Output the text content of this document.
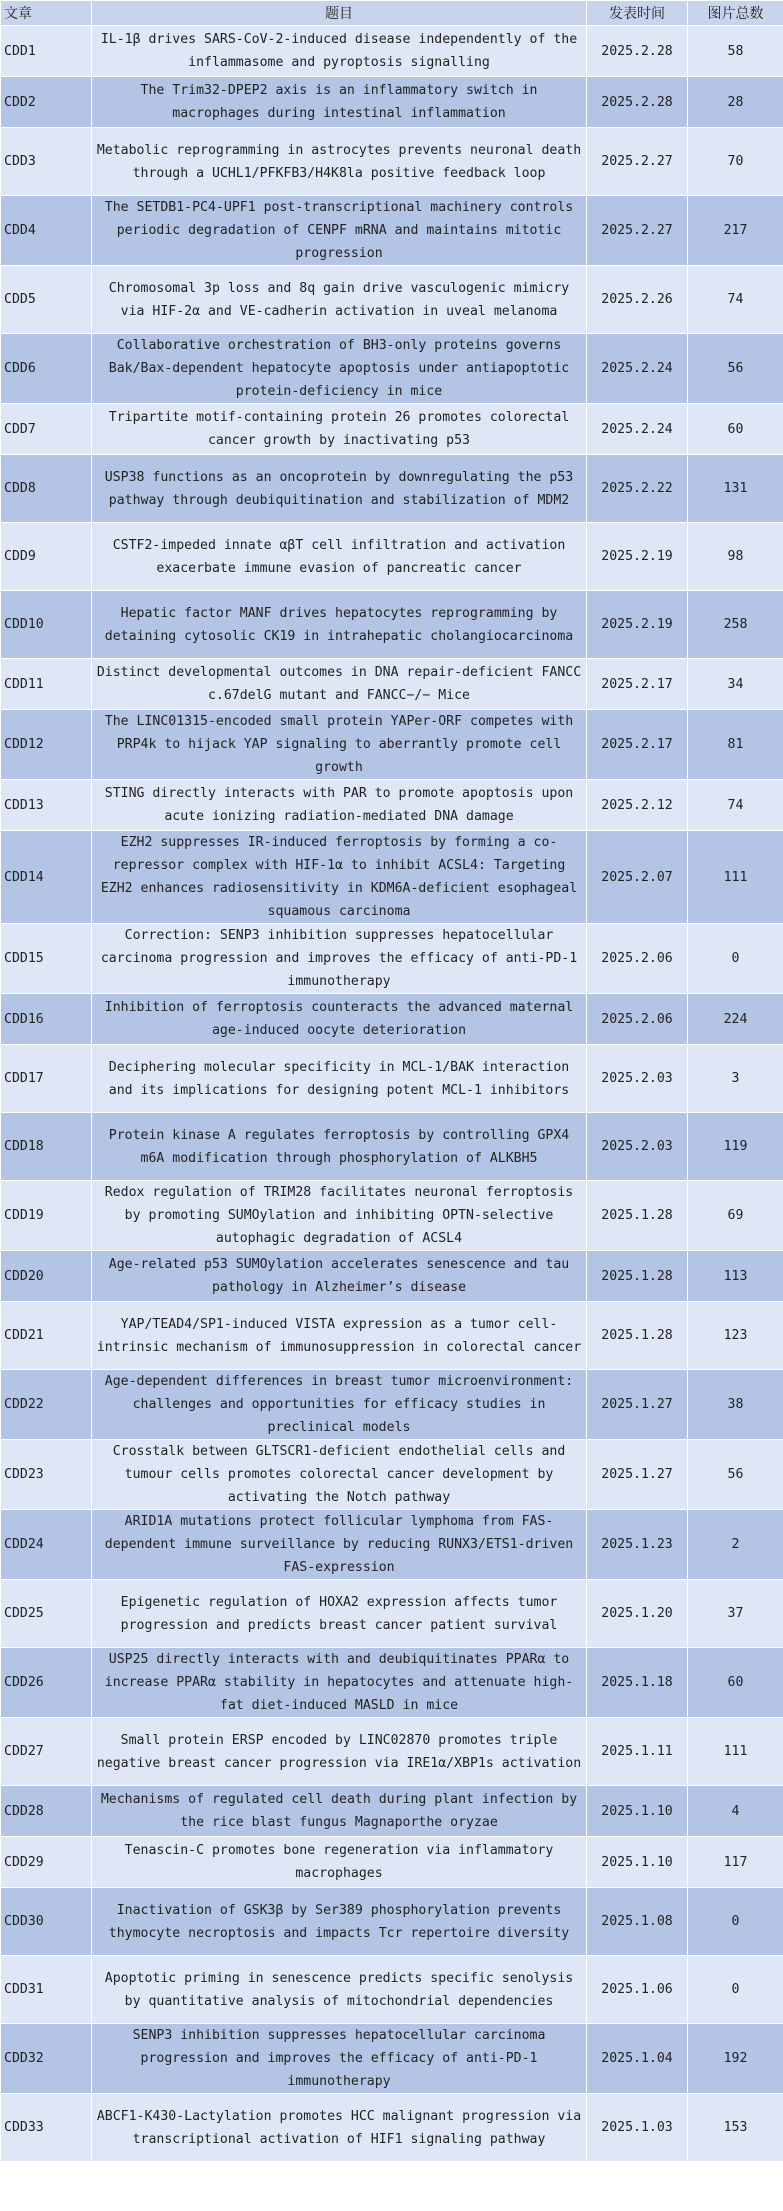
文章	题目	发表时间	图片总数
CDD1	IL-1β drives SARS-CoV-2-induced disease independently of the inflammasome and pyroptosis signalling	2025.2.28	58
CDD2	The Trim32-DPEP2 axis is an inflammatory switch in macrophages during intestinal inflammation	2025.2.28	28
CDD3	Metabolic reprogramming in astrocytes prevents neuronal death through a UCHL1/PFKFB3/H4K8la positive feedback loop	2025.2.27	70
CDD4	The SETDB1-PC4-UPF1 post-transcriptional machinery controls periodic degradation of CENPF mRNA and maintains mitotic progression	2025.2.27	217
CDD5	Chromosomal 3p loss and 8q gain drive vasculogenic mimicry via HIF-2α and VE-cadherin activation in uveal melanoma	2025.2.26	74
CDD6	Collaborative orchestration of BH3-only proteins governs Bak/Bax-dependent hepatocyte apoptosis under antiapoptotic protein-deficiency in mice	2025.2.24	56
CDD7	Tripartite motif-containing protein 26 promotes colorectal cancer growth by inactivating p53	2025.2.24	60
CDD8	USP38 functions as an oncoprotein by downregulating the p53 pathway through deubiquitination and stabilization of MDM2	2025.2.22	131
CDD9	CSTF2-impeded innate αβT cell infiltration and activation exacerbate immune evasion of pancreatic cancer	2025.2.19	98
CDD10	Hepatic factor MANF drives hepatocytes reprogramming by detaining cytosolic CK19 in intrahepatic cholangiocarcinoma	2025.2.19	258
CDD11	Distinct developmental outcomes in DNA repair-deficient FANCC c.67delG mutant and FANCC−/− Mice	2025.2.17	34
CDD12	The LINC01315-encoded small protein YAPer-ORF competes with PRP4k to hijack YAP signaling to aberrantly promote cell growth	2025.2.17	81
CDD13	STING directly interacts with PAR to promote apoptosis upon acute ionizing radiation-mediated DNA damage	2025.2.12	74
CDD14	EZH2 suppresses IR-induced ferroptosis by forming a co-repressor complex with HIF-1α to inhibit ACSL4: Targeting EZH2 enhances radiosensitivity in KDM6A-deficient esophageal squamous carcinoma	2025.2.07	111
CDD15	Correction: SENP3 inhibition suppresses hepatocellular carcinoma progression and improves the efficacy of anti-PD-1 immunotherapy	2025.2.06	0
CDD16	Inhibition of ferroptosis counteracts the advanced maternal age-induced oocyte deterioration	2025.2.06	224
CDD17	Deciphering molecular specificity in MCL-1/BAK interaction and its implications for designing potent MCL-1 inhibitors	2025.2.03	3
CDD18	Protein kinase A regulates ferroptosis by controlling GPX4 m6A modification through phosphorylation of ALKBH5	2025.2.03	119
CDD19	Redox regulation of TRIM28 facilitates neuronal ferroptosis by promoting SUMOylation and inhibiting OPTN-selective autophagic degradation of ACSL4	2025.1.28	69
CDD20	Age-related p53 SUMOylation accelerates senescence and tau pathology in Alzheimer’s disease	2025.1.28	113
CDD21	YAP/TEAD4/SP1-induced VISTA expression as a tumor cell-intrinsic mechanism of immunosuppression in colorectal cancer	2025.1.28	123
CDD22	Age-dependent differences in breast tumor microenvironment: challenges and opportunities for efficacy studies in preclinical models	2025.1.27	38
CDD23	Crosstalk between GLTSCR1-deficient endothelial cells and tumour cells promotes colorectal cancer development by activating the Notch pathway	2025.1.27	56
CDD24	ARID1A mutations protect follicular lymphoma from FAS-dependent immune surveillance by reducing RUNX3/ETS1-driven FAS-expression	2025.1.23	2
CDD25	Epigenetic regulation of HOXA2 expression affects tumor progression and predicts breast cancer patient survival	2025.1.20	37
CDD26	USP25 directly interacts with and deubiquitinates PPARα to increase PPARα stability in hepatocytes and attenuate high-fat diet-induced MASLD in mice	2025.1.18	60
CDD27	Small protein ERSP encoded by LINC02870 promotes triple negative breast cancer progression via IRE1α/XBP1s activation	2025.1.11	111
CDD28	Mechanisms of regulated cell death during plant infection by the rice blast fungus Magnaporthe oryzae	2025.1.10	4
CDD29	Tenascin-C promotes bone regeneration via inflammatory macrophages	2025.1.10	117
CDD30	Inactivation of GSK3β by Ser389 phosphorylation prevents thymocyte necroptosis and impacts Tcr repertoire diversity	2025.1.08	0
CDD31	Apoptotic priming in senescence predicts specific senolysis by quantitative analysis of mitochondrial dependencies	2025.1.06	0
CDD32	SENP3 inhibition suppresses hepatocellular carcinoma progression and improves the efficacy of anti-PD-1 immunotherapy	2025.1.04	192
CDD33	ABCF1-K430-Lactylation promotes HCC malignant progression via transcriptional activation of HIF1 signaling pathway	2025.1.03	153
